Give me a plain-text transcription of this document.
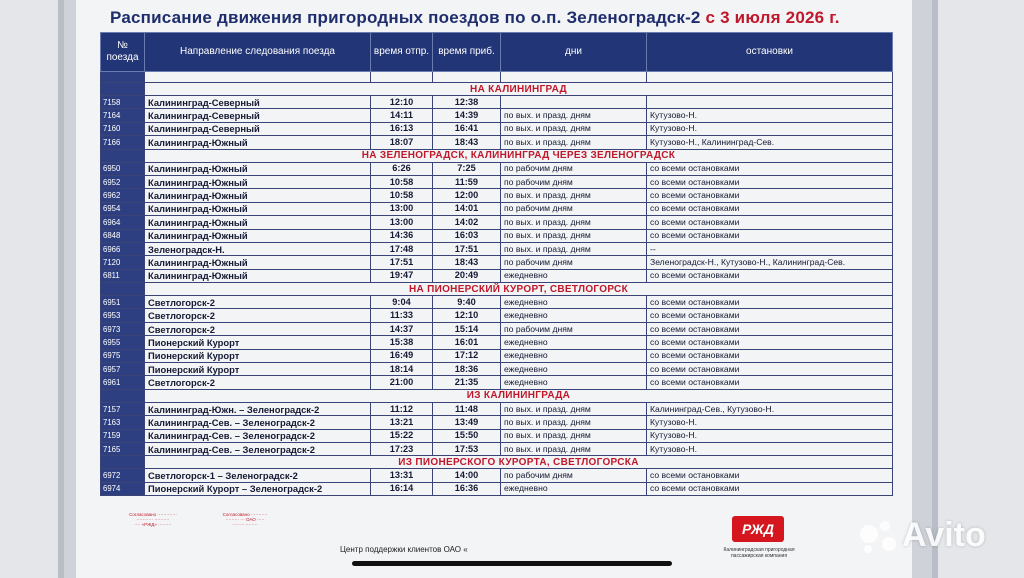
Расписание движения пригородных поездов по о.п. Зеленоградск-2 с 3 июля 2026 г.
№ поезда	Направление следования поезда	время отпр.	время приб.	дни	остановки

	НА КАЛИНИНГРАД				
7158	Калининград-Северный	12:10	12:38		
7164	Калининград-Северный	14:11	14:39	по вых. и празд. дням	Кутузово-Н.
7160	Калининград-Северный	16:13	16:41	по вых. и празд. дням	Кутузово-Н.
7166	Калининград-Южный	18:07	18:43	по вых. и празд. дням	Кутузово-Н., Калининград-Сев.
	НА ЗЕЛЕНОГРАДСК, КАЛИНИНГРАД ЧЕРЕЗ ЗЕЛЕНОГРАДСК				
6950	Калининград-Южный	6:26	7:25	по рабочим дням	со всеми остановками
6952	Калининград-Южный	10:58	11:59	по рабочим дням	со всеми остановками
6962	Калининград-Южный	10:58	12:00	по вых. и празд. дням	со всеми остановками
6954	Калининград-Южный	13:00	14:01	по рабочим дням	со всеми остановками
6964	Калининград-Южный	13:00	14:02	по вых. и празд. дням	со всеми остановками
6848	Калининград-Южный	14:36	16:03	по вых. и празд. дням	со всеми остановками
6966	Зеленоградск-Н.	17:48	17:51	по вых. и празд. дням	--
7120	Калининград-Южный	17:51	18:43	по рабочим дням	Зеленоградск-Н., Кутузово-Н., Калининград-Сев.
6811	Калининград-Южный	19:47	20:49	ежедневно	со всеми остановками
	НА ПИОНЕРСКИЙ КУРОРТ, СВЕТЛОГОРСК				
6951	Светлогорск-2	9:04	9:40	ежедневно	со всеми остановками
6953	Светлогорск-2	11:33	12:10	ежедневно	со всеми остановками
6973	Светлогорск-2	14:37	15:14	по рабочим дням	со всеми остановками
6955	Пионерский Курорт	15:38	16:01	ежедневно	со всеми остановками
6975	Пионерский Курорт	16:49	17:12	ежедневно	со всеми остановками
6957	Пионерский Курорт	18:14	18:36	ежедневно	со всеми остановками
6961	Светлогорск-2	21:00	21:35	ежедневно	со всеми остановками
	ИЗ КАЛИНИНГРАДА				
7157	Калининград-Южн. – Зеленоградск-2	11:12	11:48	по вых. и празд. дням	Калининград-Сев., Кутузово-Н.
7163	Калининград-Сев. – Зеленоградск-2	13:21	13:49	по вых. и празд. дням	Кутузово-Н.
7159	Калининград-Сев. – Зеленоградск-2	15:22	15:50	по вых. и празд. дням	Кутузово-Н.
7165	Калининград-Сев. – Зеленоградск-2	17:23	17:53	по вых. и празд. дням	Кутузово-Н.
	ИЗ ПИОНЕРСКОГО КУРОРТА, СВЕТЛОГОРСКА				
6972	Светлогорск-1 – Зеленоградск-2	13:31	14:00	по рабочим дням	со всеми остановками
6974	Пионерский Курорт – Зеленоградск-2	16:14	16:36	ежедневно	со всеми остановками
Согласовано ·············
··········· ··········
···· «РЖД» ·········
Согласовано ···········
········· ··· ОАО ·····
········ ········
Центр поддержки клиентов ОАО «
РЖД
Калининградская пригородная пассажирская компания
Avito
